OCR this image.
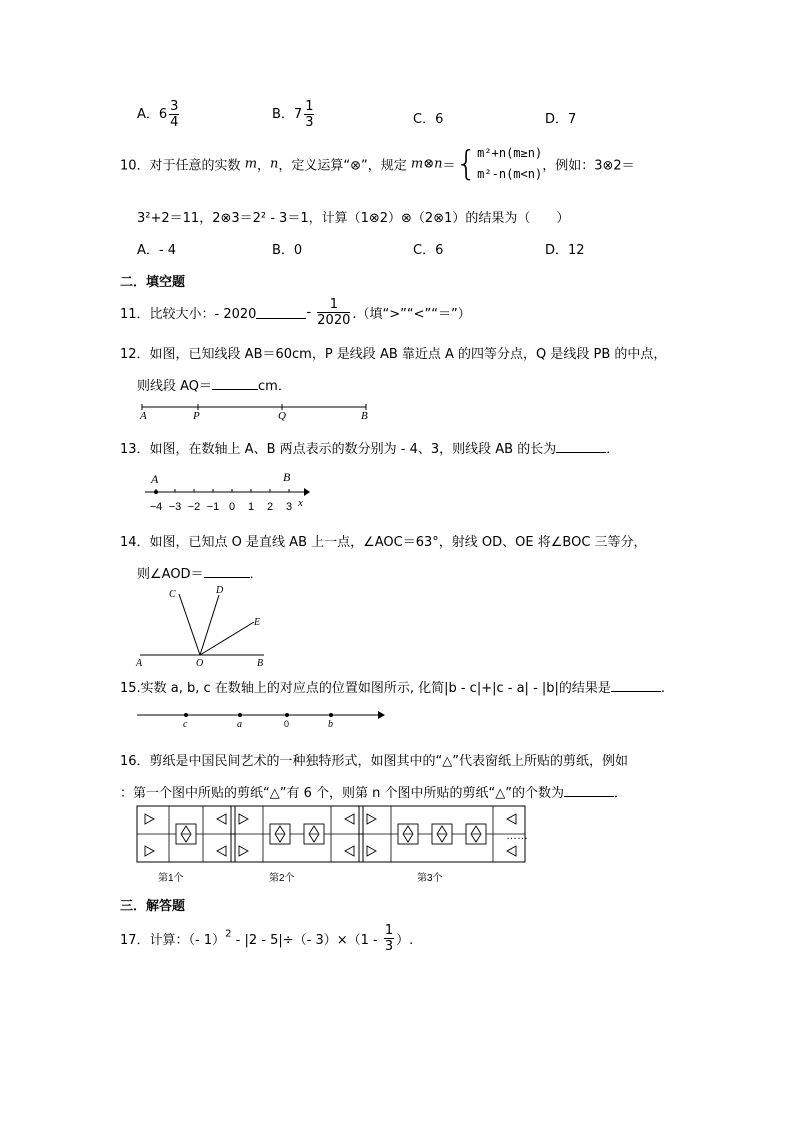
A．$6 \frac{3}{4}$	B．$7 \frac{1}{3}$	C．6	D．7
10．对于任意的实数 m，n，定义运算“⊗”，规定 m⊗n＝{ m²+n(m≥n)
m²-n(m<n)
，例如：3⊗2＝
3²+2＝11，2⊗3＝2² - 3＝1，计算（1⊗2）⊗（2⊗1）的结果为（　　）
A．- 4	B．0	C．6	D．12
二．填空题
11．比较大小：- 2020	- $\frac{1}{2020}$ .（填“>”“<”“＝”）
12．如图，已知线段 AB＝60cm，P 是线段 AB 靠近点 A 的四等分点，Q 是线段 PB 的中点，
则线段 AQ＝	cm．
A	P	Q	B
13．如图，在数轴上 A、B 两点表示的数分别为 - 4、3，则线段 AB 的长为	．
A	B
−4 −3 −2 −1 0 1 2 3 x
14．如图，已知点 O 是直线 AB 上一点，∠AOC＝63°，射线 OD、OE 将∠BOC 三等分，
则∠AOD＝	．
A	O	B
C	D
E
15.实数 a, b, c 在数轴上的对应点的位置如图所示, 化简|b - c|+|c - a| - |b|的结果是	.
c	a	0	b
16．剪纸是中国民间艺术的一种独特形式，如图其中的“△”代表窗纸上所贴的剪纸，例如
：第一个图中所贴的剪纸“△”有 6 个，则第 n 个图中所贴的剪纸“△”的个数为	．
……
第1个	第2个	第3个
三．解答题
17．计算：（- 1）$^2$ - |2 - 5|÷（- $3)\times(1 - \frac{1}{3}$ ）.
